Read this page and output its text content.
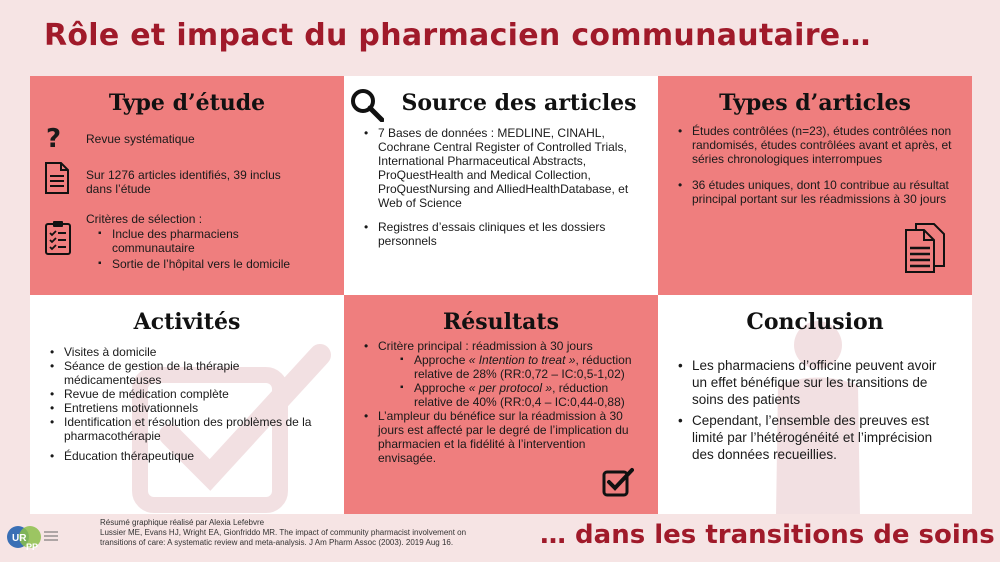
Rôle et impact du pharmacien communautaire…
Type d’étude
? Revue systématique
Sur 1276 articles identifiés, 39 inclus
dans l’étude
Critères de sélection :
▪ Inclue des pharmaciens communautaire
▪ Sortie de l’hôpital vers le domicile
Source des articles
• 7 Bases de données : MEDLINE, CINAHL, Cochrane Central Register of Controlled Trials, International Pharmaceutical Abstracts, ProQuestHealth and Medical Collection, ProQuestNursing and AlliedHealthDatabase, et Web of Science
• Registres d’essais cliniques et les dossiers personnels
Types d’articles
• Études contrôlées (n=23), études contrôlées non randomisés, études contrôlées avant et après, et séries chronologiques interrompues
• 36 études uniques, dont 10 contribue au résultat principal portant sur les réadmissions à 30 jours
Activités
• Visites à domicile
• Séance de gestion de la thérapie médicamenteuses
• Revue de médication complète
• Entretiens motivationnels
• Identification et résolution des problèmes de la pharmacothérapie
• Éducation thérapeutique
Résultats
• Critère principal : réadmission à 30 jours
▪ Approche « Intention to treat », réduction relative de 28% (RR:0,72 – IC:0,5-1,02)
▪ Approche « per protocol », réduction relative de 40% (RR:0,4 – IC:0,44-0,88)
• L’ampleur du bénéfice sur la réadmission à 30 jours est affecté par le degré de l’implication du pharmacien et la fidélité à l’intervention envisagée.
Conclusion
• Les pharmaciens d’officine peuvent avoir un effet bénéfique sur les transitions de soins des patients
• Cependant, l’ensemble des preuves est limité par l’hétérogénéité et l’imprécision des données recueillies.
UR
PP
Résumé graphique réalisé par Alexia Lefebvre
Lussier ME, Evans HJ, Wright EA, Gionfriddo MR. The impact of community pharmacist involvement on transitions of care: A systematic review and meta-analysis. J Am Pharm Assoc (2003). 2019 Aug 16.	… dans les transitions de soins
